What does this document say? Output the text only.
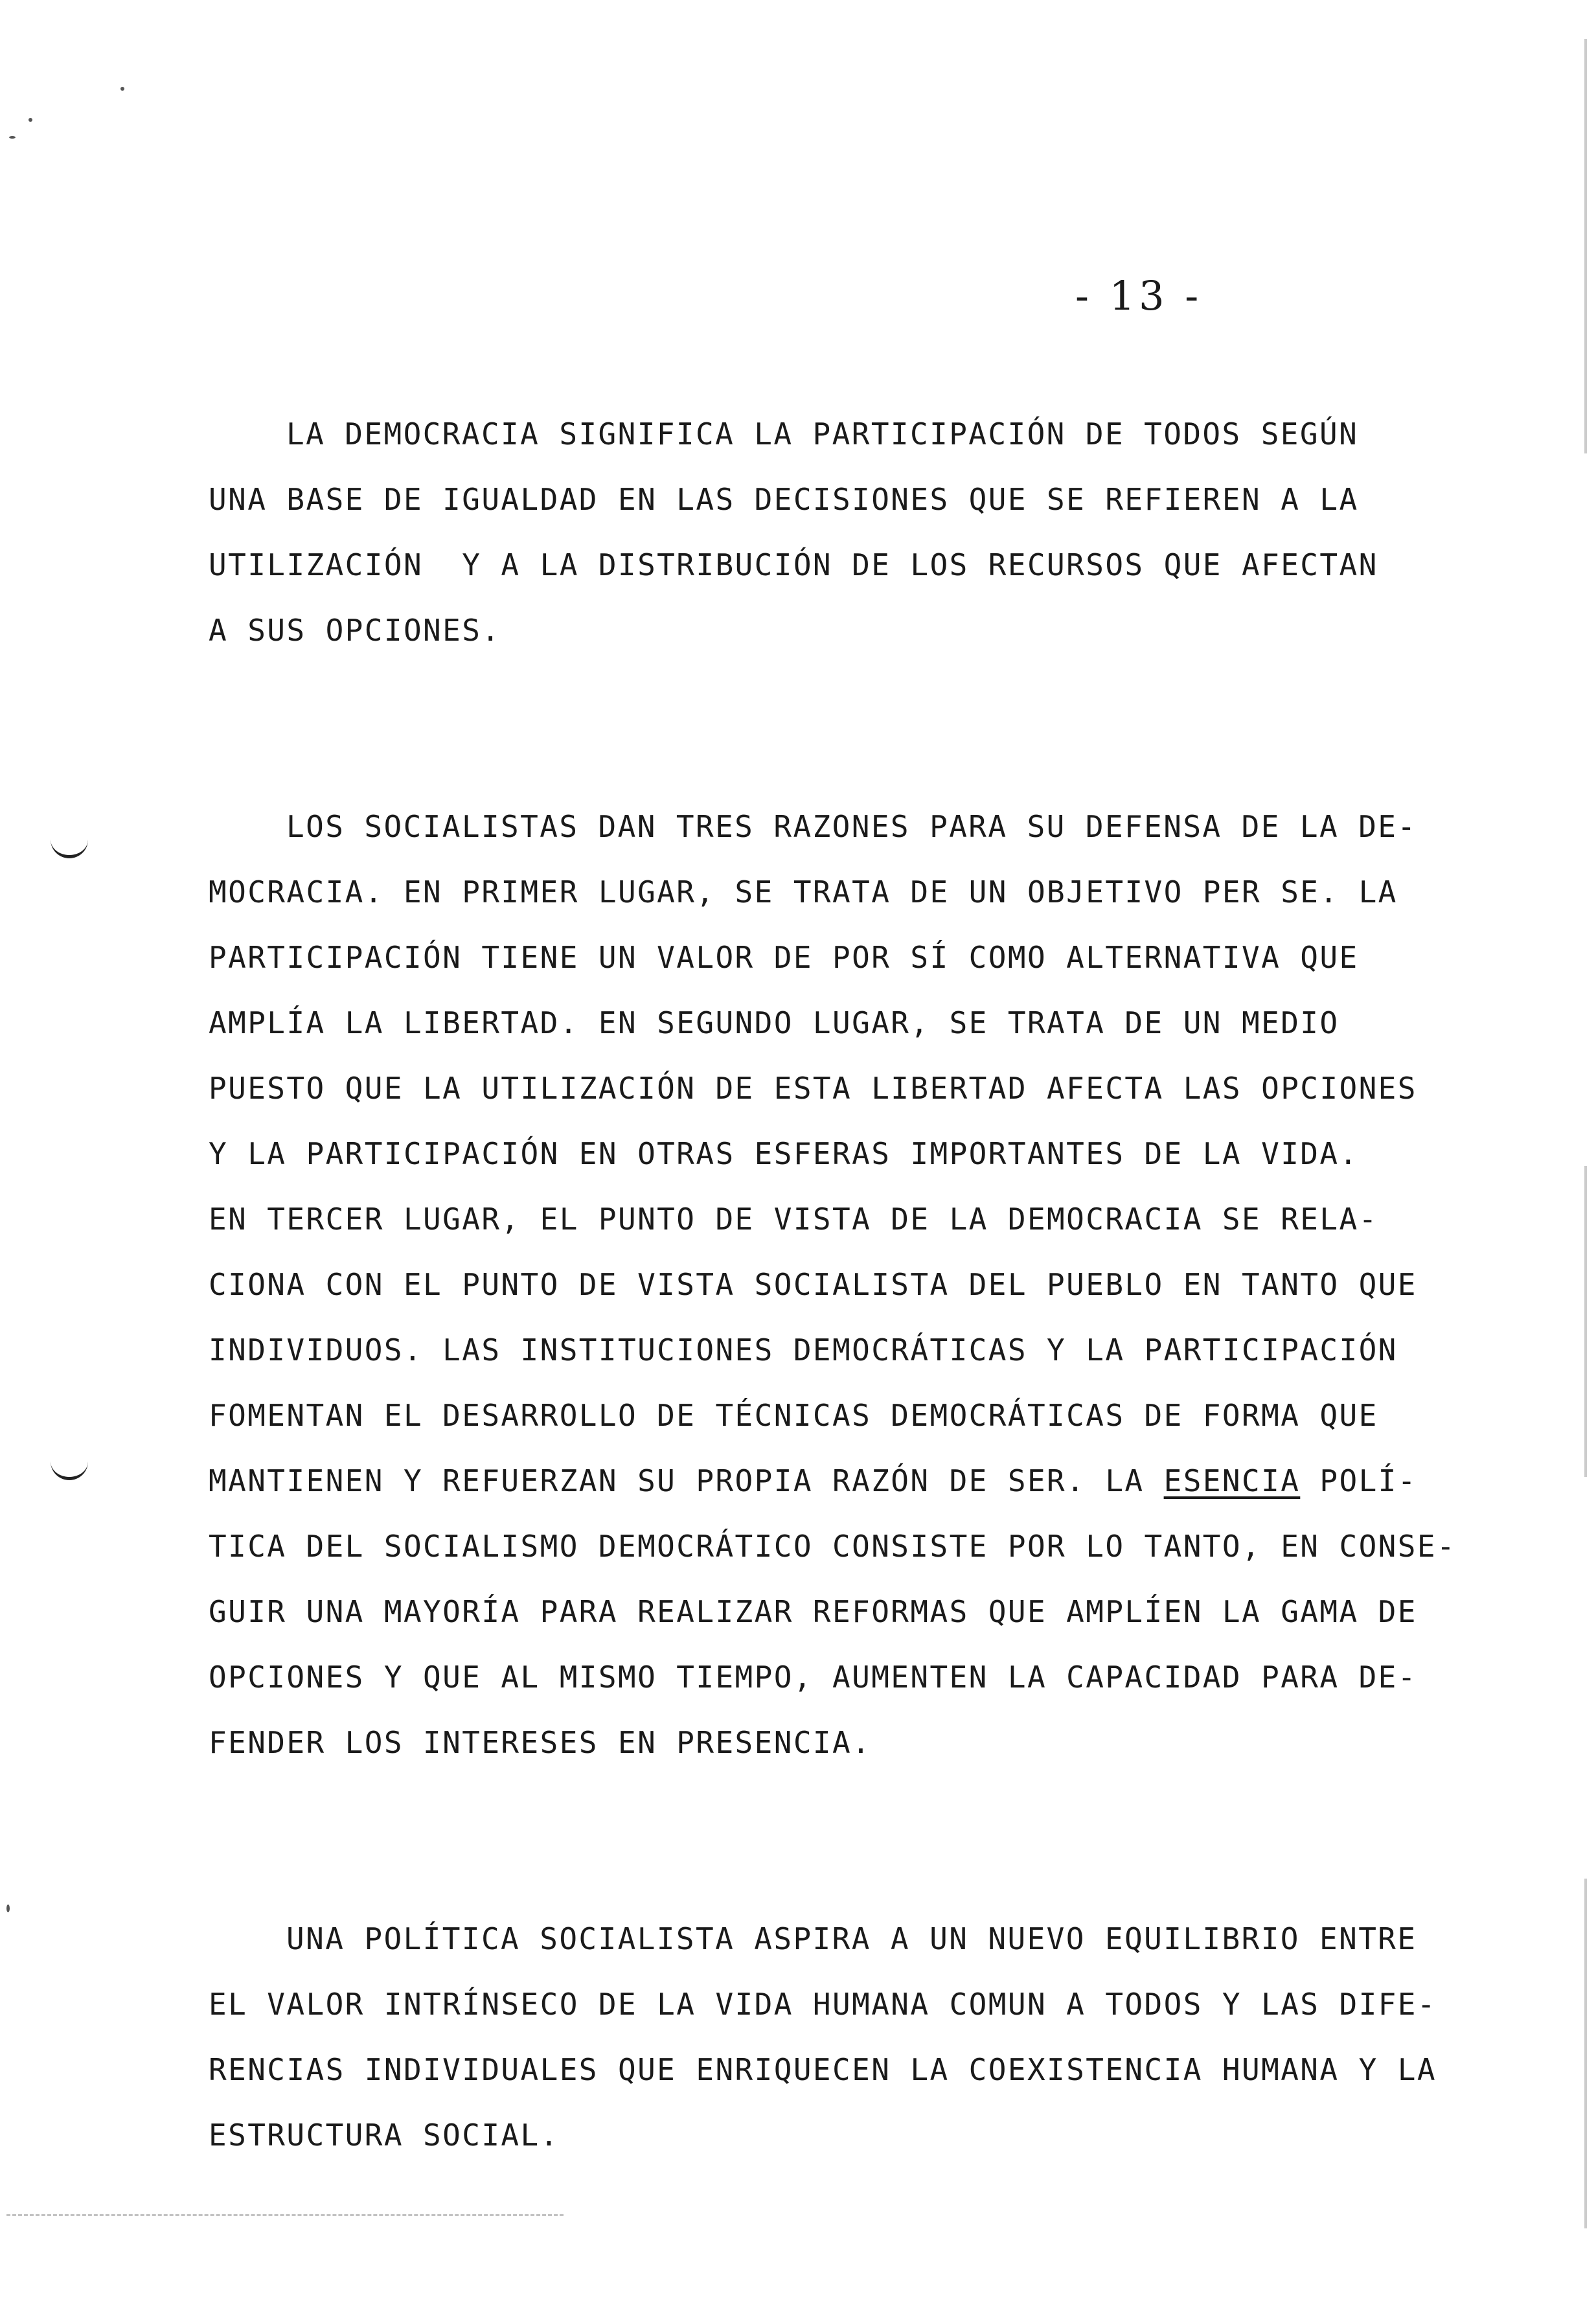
- 13 -
LA DEMOCRACIA SIGNIFICA LA PARTICIPACIÓN DE TODOS SEGÚN
UNA BASE DE IGUALDAD EN LAS DECISIONES QUE SE REFIEREN A LA
UTILIZACIÓN  Y A LA DISTRIBUCIÓN DE LOS RECURSOS QUE AFECTAN
A SUS OPCIONES.
LOS SOCIALISTAS DAN TRES RAZONES PARA SU DEFENSA DE LA DE-
MOCRACIA. EN PRIMER LUGAR, SE TRATA DE UN OBJETIVO PER SE. LA
PARTICIPACIÓN TIENE UN VALOR DE POR SÍ COMO ALTERNATIVA QUE
AMPLÍA LA LIBERTAD. EN SEGUNDO LUGAR, SE TRATA DE UN MEDIO
PUESTO QUE LA UTILIZACIÓN DE ESTA LIBERTAD AFECTA LAS OPCIONES
Y LA PARTICIPACIÓN EN OTRAS ESFERAS IMPORTANTES DE LA VIDA.
EN TERCER LUGAR, EL PUNTO DE VISTA DE LA DEMOCRACIA SE RELA-
CIONA CON EL PUNTO DE VISTA SOCIALISTA DEL PUEBLO EN TANTO QUE
INDIVIDUOS. LAS INSTITUCIONES DEMOCRÁTICAS Y LA PARTICIPACIÓN
FOMENTAN EL DESARROLLO DE TÉCNICAS DEMOCRÁTICAS DE FORMA QUE
MANTIENEN Y REFUERZAN SU PROPIA RAZÓN DE SER. LA ESENCIA POLÍ-
TICA DEL SOCIALISMO DEMOCRÁTICO CONSISTE POR LO TANTO, EN CONSE-
GUIR UNA MAYORÍA PARA REALIZAR REFORMAS QUE AMPLÍEN LA GAMA DE
OPCIONES Y QUE AL MISMO TIEMPO, AUMENTEN LA CAPACIDAD PARA DE-
FENDER LOS INTERESES EN PRESENCIA.
UNA POLÍTICA SOCIALISTA ASPIRA A UN NUEVO EQUILIBRIO ENTRE
EL VALOR INTRÍNSECO DE LA VIDA HUMANA COMUN A TODOS Y LAS DIFE-
RENCIAS INDIVIDUALES QUE ENRIQUECEN LA COEXISTENCIA HUMANA Y LA
ESTRUCTURA SOCIAL.
